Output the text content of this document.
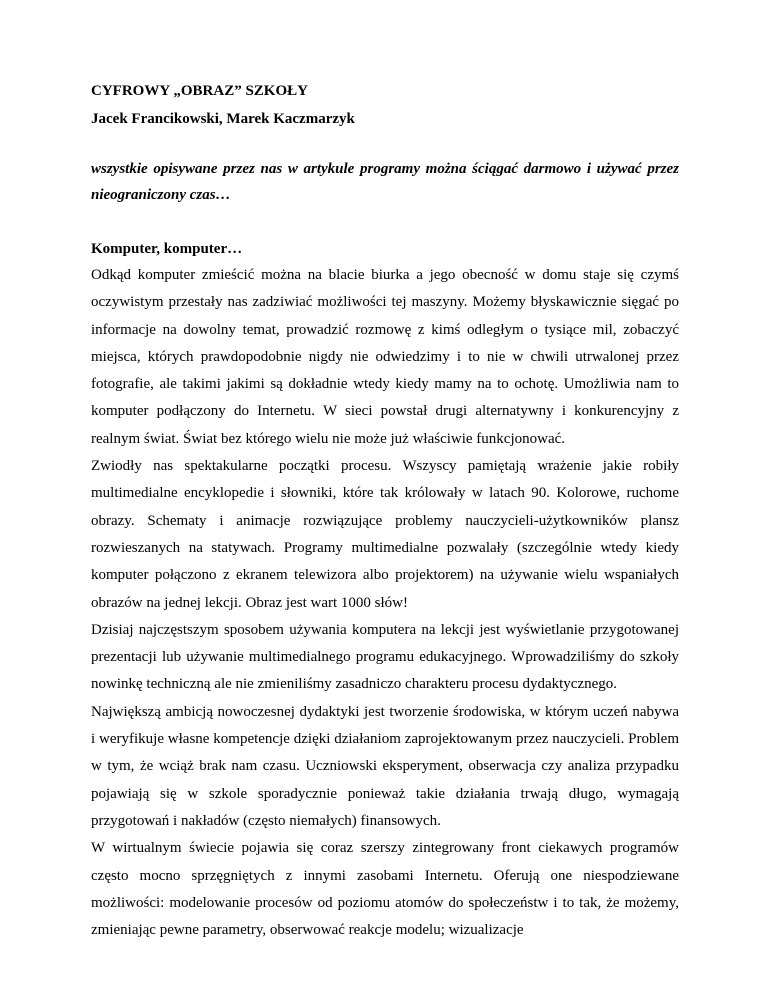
CYFROWY „OBRAZ” SZKOŁY

Jacek Francikowski, Marek Kaczmarzyk

wszystkie opisywane przez nas w artykule programy można ściągać darmowo i używać przez nieograniczony czas…

Komputer, komputer…

Odkąd komputer zmieścić można na blacie biurka a jego obecność w domu staje się czymś oczywistym przestały nas zadziwiać możliwości tej maszyny. Możemy błyskawicznie sięgać po informacje na dowolny temat, prowadzić rozmowę z kimś odległym o tysiące mil, zobaczyć miejsca, których prawdopodobnie nigdy nie odwiedzimy i to nie w chwili utrwalonej przez fotografie, ale takimi jakimi są dokładnie wtedy kiedy mamy na to ochotę. Umożliwia nam to komputer podłączony do Internetu. W sieci powstał drugi alternatywny i konkurencyjny z realnym świat. Świat bez którego wielu nie może już właściwie funkcjonować.

Zwiodły nas spektakularne początki procesu. Wszyscy pamiętają wrażenie jakie robiły multimedialne encyklopedie i słowniki, które tak królowały w latach 90. Kolorowe, ruchome obrazy. Schematy i animacje rozwiązujące problemy nauczycieli-użytkowników plansz rozwieszanych na statywach. Programy multimedialne pozwalały (szczególnie wtedy kiedy komputer połączono z ekranem telewizora albo projektorem) na używanie wielu wspaniałych obrazów na jednej lekcji. Obraz jest wart 1000 słów!

Dzisiaj najczęstszym sposobem używania komputera na lekcji jest wyświetlanie przygotowanej prezentacji lub używanie multimedialnego programu edukacyjnego. Wprowadziliśmy do szkoły nowinkę techniczną ale nie zmieniliśmy zasadniczo charakteru procesu dydaktycznego.

Największą ambicją nowoczesnej dydaktyki jest tworzenie środowiska, w którym uczeń nabywa i weryfikuje własne kompetencje dzięki działaniom zaprojektowanym przez nauczycieli. Problem w tym, że wciąż brak nam czasu. Uczniowski eksperyment, obserwacja czy analiza przypadku pojawiają się w szkole sporadycznie ponieważ takie działania trwają długo, wymagają przygotowań i nakładów (często niemałych) finansowych.

W wirtualnym świecie pojawia się coraz szerszy zintegrowany front ciekawych programów często mocno sprzęgniętych z innymi zasobami Internetu. Oferują one niespodziewane możliwości: modelowanie procesów od poziomu atomów do społeczeństw i to tak, że możemy, zmieniając pewne parametry, obserwować reakcje modelu; wizualizacje
